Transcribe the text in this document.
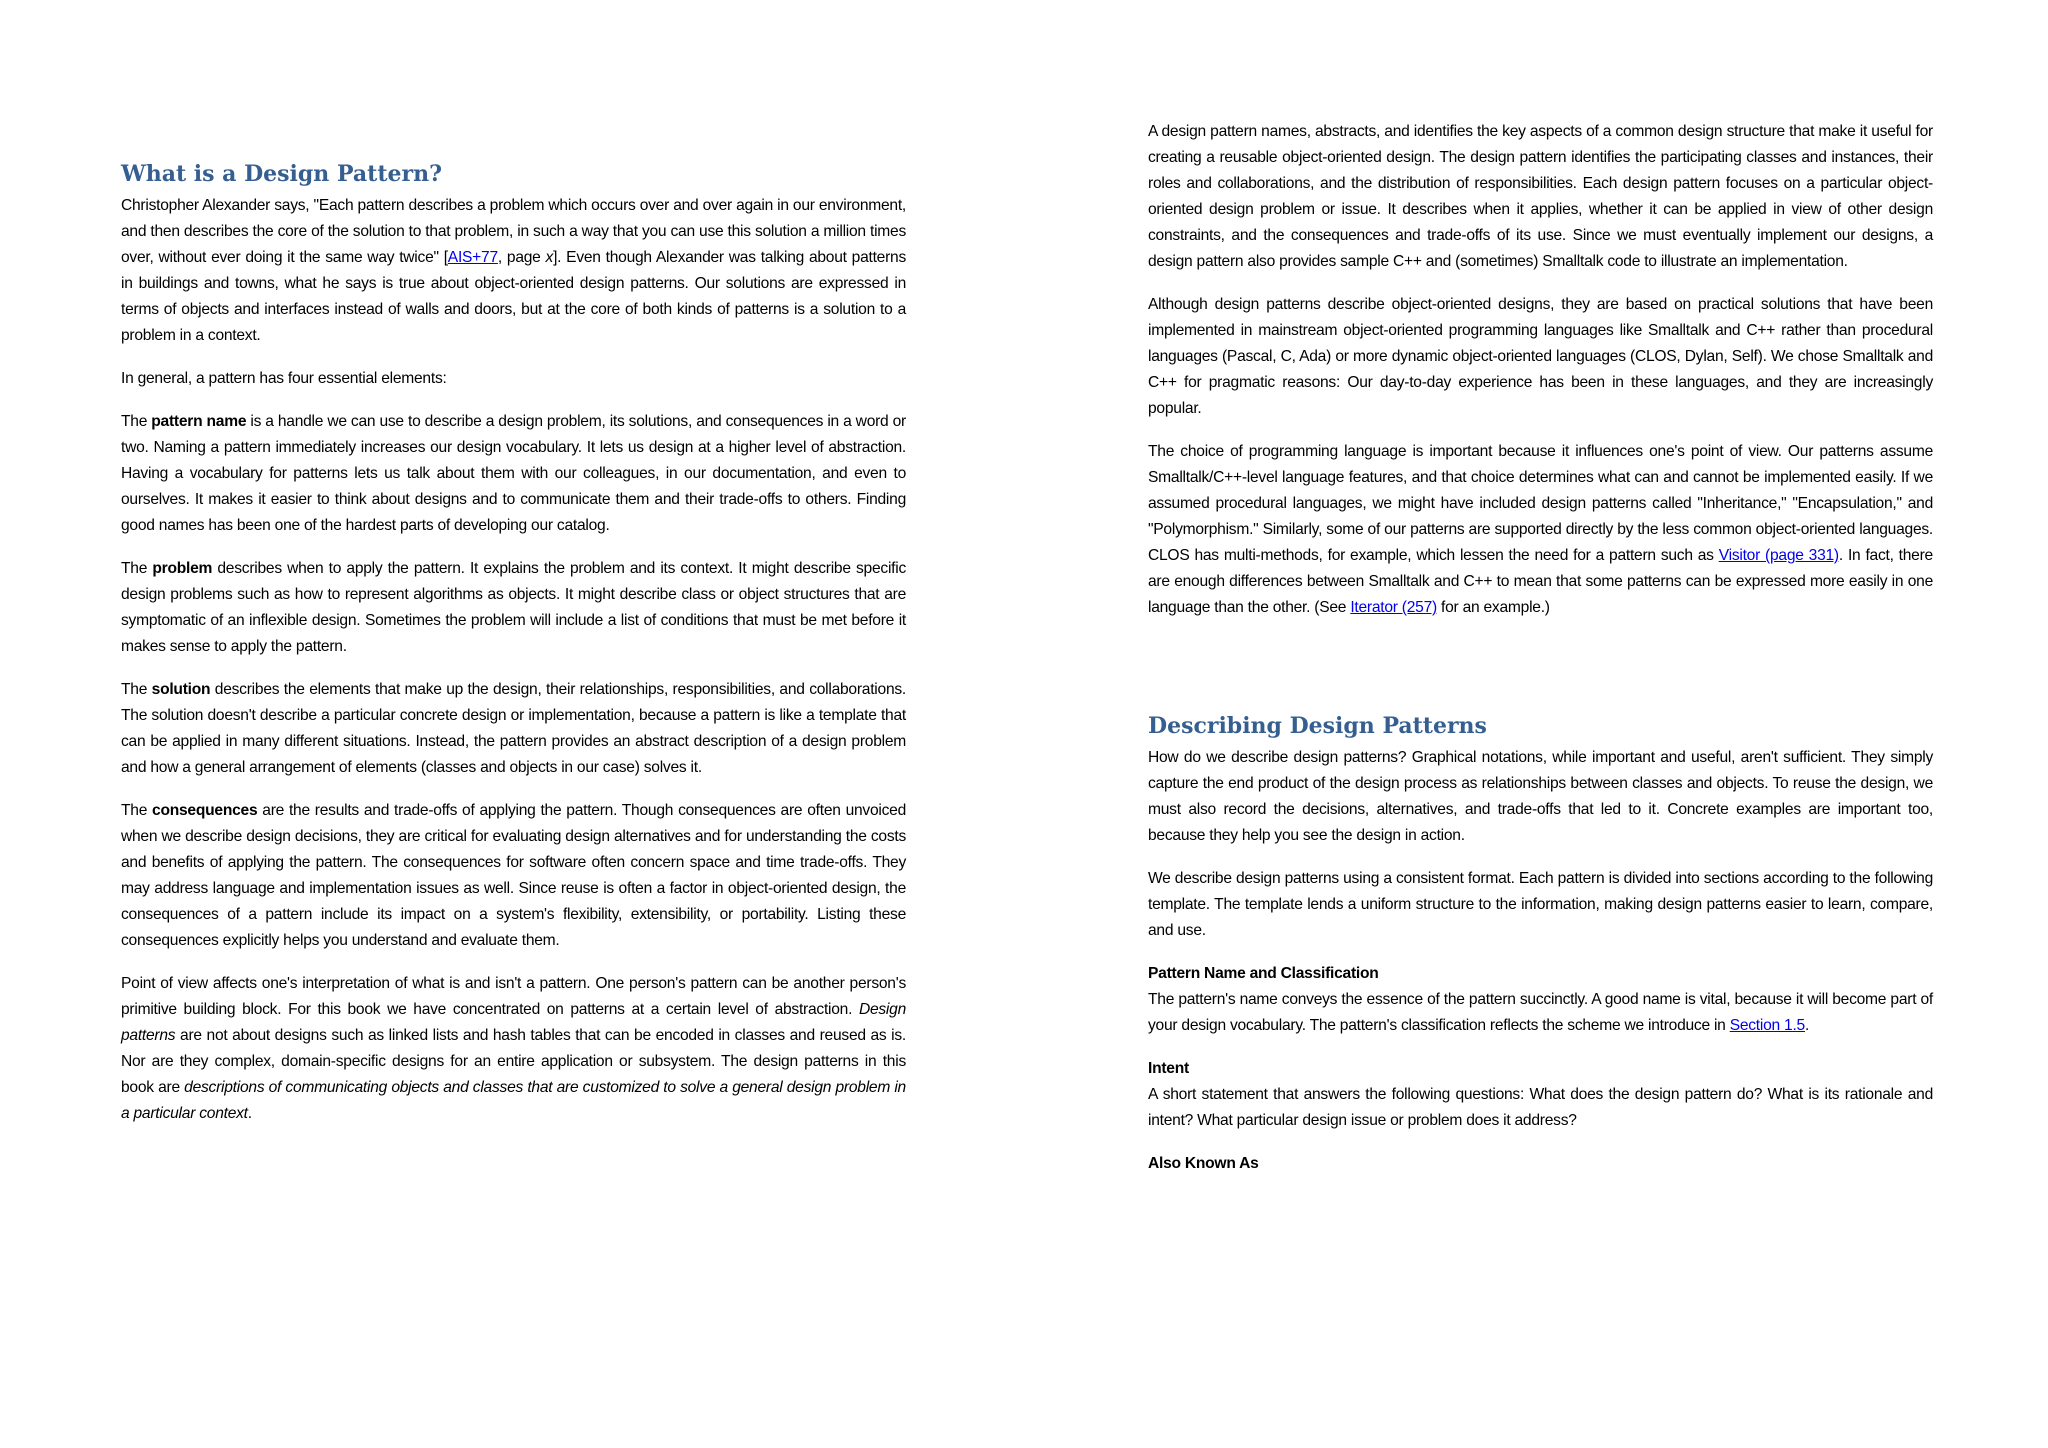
What is a Design Pattern?

Christopher Alexander says, "Each pattern describes a problem which occurs over and over again in our environment, and then describes the core of the solution to that problem, in such a way that you can use this solution a million times over, without ever doing it the same way twice" [AIS+77, page x]. Even though Alexander was talking about patterns in buildings and towns, what he says is true about object-oriented design patterns. Our solutions are expressed in terms of objects and interfaces instead of walls and doors, but at the core of both kinds of patterns is a solution to a problem in a context.

In general, a pattern has four essential elements:

The pattern name is a handle we can use to describe a design problem, its solutions, and consequences in a word or two. Naming a pattern immediately increases our design vocabulary. It lets us design at a higher level of abstraction. Having a vocabulary for patterns lets us talk about them with our colleagues, in our documentation, and even to ourselves. It makes it easier to think about designs and to communicate them and their trade-offs to others. Finding good names has been one of the hardest parts of developing our catalog.

The problem describes when to apply the pattern. It explains the problem and its context. It might describe specific design problems such as how to represent algorithms as objects. It might describe class or object structures that are symptomatic of an inflexible design. Sometimes the problem will include a list of conditions that must be met before it makes sense to apply the pattern.

The solution describes the elements that make up the design, their relationships, responsibilities, and collaborations. The solution doesn't describe a particular concrete design or implementation, because a pattern is like a template that can be applied in many different situations. Instead, the pattern provides an abstract description of a design problem and how a general arrangement of elements (classes and objects in our case) solves it.

The consequences are the results and trade-offs of applying the pattern. Though consequences are often unvoiced when we describe design decisions, they are critical for evaluating design alternatives and for understanding the costs and benefits of applying the pattern. The consequences for software often concern space and time trade-offs. They may address language and implementation issues as well. Since reuse is often a factor in object-oriented design, the consequences of a pattern include its impact on a system's flexibility, extensibility, or portability. Listing these consequences explicitly helps you understand and evaluate them.

Point of view affects one's interpretation of what is and isn't a pattern. One person's pattern can be another person's primitive building block. For this book we have concentrated on patterns at a certain level of abstraction. Design patterns are not about designs such as linked lists and hash tables that can be encoded in classes and reused as is. Nor are they complex, domain-specific designs for an entire application or subsystem. The design patterns in this book are descriptions of communicating objects and classes that are customized to solve a general design problem in a particular context.

A design pattern names, abstracts, and identifies the key aspects of a common design structure that make it useful for creating a reusable object-oriented design. The design pattern identifies the participating classes and instances, their roles and collaborations, and the distribution of responsibilities. Each design pattern focuses on a particular object-oriented design problem or issue. It describes when it applies, whether it can be applied in view of other design constraints, and the consequences and trade-offs of its use. Since we must eventually implement our designs, a design pattern also provides sample C++ and (sometimes) Smalltalk code to illustrate an implementation.

Although design patterns describe object-oriented designs, they are based on practical solutions that have been implemented in mainstream object-oriented programming languages like Smalltalk and C++ rather than procedural languages (Pascal, C, Ada) or more dynamic object-oriented languages (CLOS, Dylan, Self). We chose Smalltalk and C++ for pragmatic reasons: Our day-to-day experience has been in these languages, and they are increasingly popular.

The choice of programming language is important because it influences one's point of view. Our patterns assume Smalltalk/C++-level language features, and that choice determines what can and cannot be implemented easily. If we assumed procedural languages, we might have included design patterns called "Inheritance," "Encapsulation," and "Polymorphism." Similarly, some of our patterns are supported directly by the less common object-oriented languages. CLOS has multi-methods, for example, which lessen the need for a pattern such as Visitor (page 331). In fact, there are enough differences between Smalltalk and C++ to mean that some patterns can be expressed more easily in one language than the other. (See Iterator (257) for an example.)

Describing Design Patterns

How do we describe design patterns? Graphical notations, while important and useful, aren't sufficient. They simply capture the end product of the design process as relationships between classes and objects. To reuse the design, we must also record the decisions, alternatives, and trade-offs that led to it. Concrete examples are important too, because they help you see the design in action.

We describe design patterns using a consistent format. Each pattern is divided into sections according to the following template. The template lends a uniform structure to the information, making design patterns easier to learn, compare, and use.

Pattern Name and Classification

The pattern's name conveys the essence of the pattern succinctly. A good name is vital, because it will become part of your design vocabulary. The pattern's classification reflects the scheme we introduce in Section 1.5.

Intent

A short statement that answers the following questions: What does the design pattern do? What is its rationale and intent? What particular design issue or problem does it address?

Also Known As
